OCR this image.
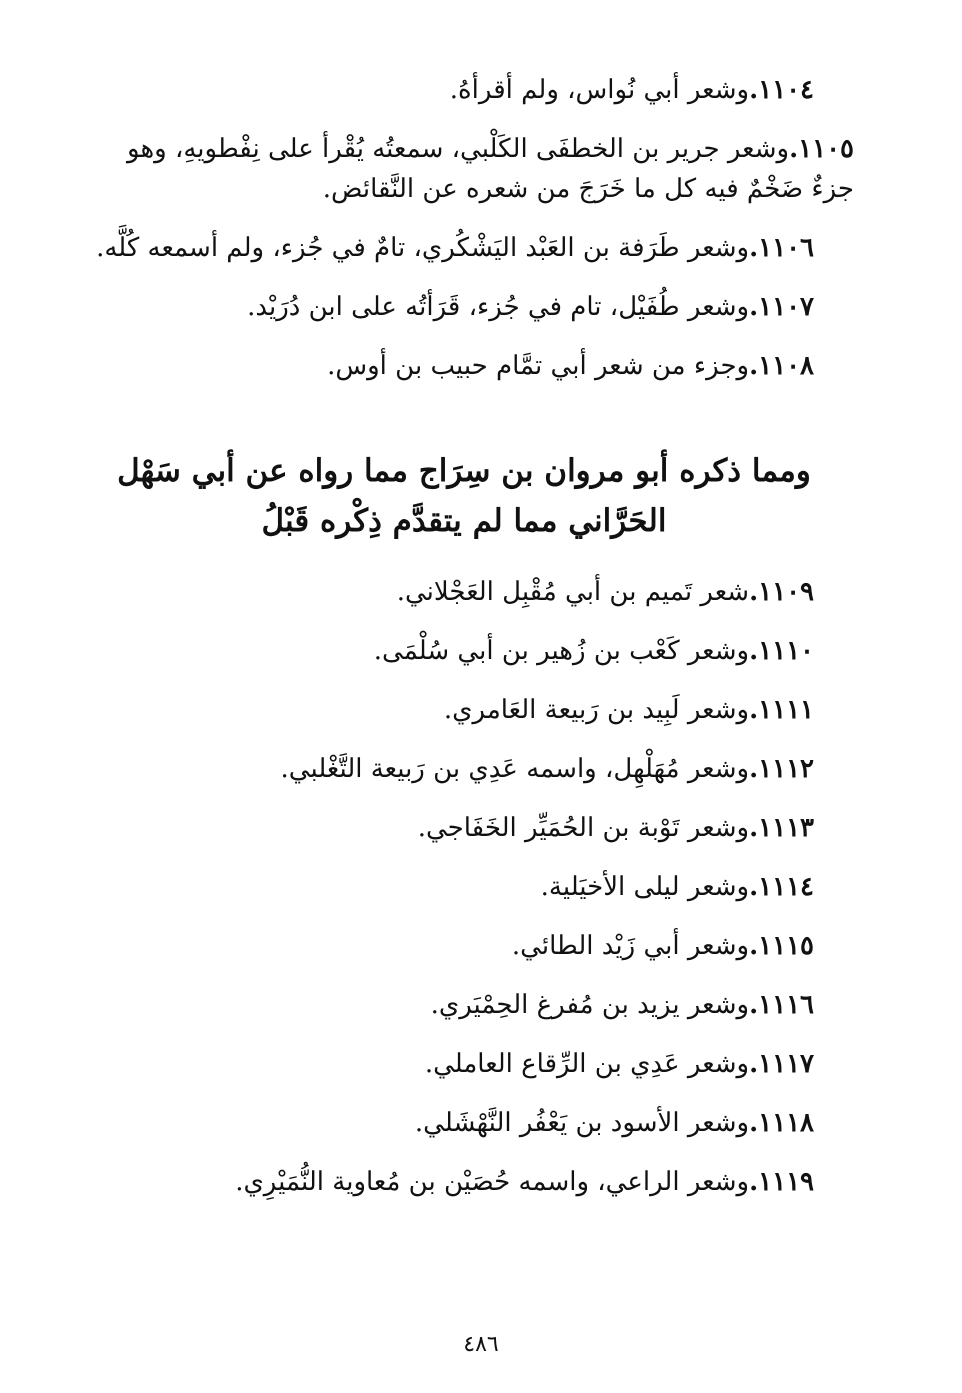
١١٠٤.وشعر أبي نُواس، ولم أقرأهُ.

١١٠٥.وشعر جرير بن الخطفَى الكَلْبي، سمعتُه يُقْرأ على نِفْطويهِ، وهو جزءٌ ضَخْمٌ فيه كل ما خَرَجَ من شعره عن النَّقائض.

١١٠٦.وشعر طَرَفة بن العَبْد اليَشْكُري، تامٌ في جُزء، ولم أسمعه كُلَّه.

١١٠٧.وشعر طُفَيْل، تام في جُزء، قَرَأتُه على ابن دُرَيْد.

١١٠٨.وجزء من شعر أبي تمَّام حبيب بن أوس.

ومما ذكره أبو مروان بن سِرَاج مما رواه عن أبي سَهْل الحَرَّاني مما لم يتقدَّم ذِكْره قَبْلُ

١١٠٩.شعر تَميم بن أبي مُقْبِل العَجْلاني.

١١١٠.وشعر كَعْب بن زُهير بن أبي سُلْمَى.

١١١١.وشعر لَبِيد بن رَبيعة العَامري.

١١١٢.وشعر مُهَلْهِل، واسمه عَدِي بن رَبيعة التَّغْلبي.

١١١٣.وشعر تَوْبة بن الحُمَيِّر الخَفَاجي.

١١١٤.وشعر ليلى الأخيَلية.

١١١٥.وشعر أبي زَيْد الطائي.

١١١٦.وشعر يزيد بن مُفرغ الحِمْيَري.

١١١٧.وشعر عَدِي بن الرِّقاع العاملي.

١١١٨.وشعر الأسود بن يَعْفُر النَّهْشَلي.

١١١٩.وشعر الراعي، واسمه حُصَيْن بن مُعاوية النُّمَيْرِي.

٤٨٦
